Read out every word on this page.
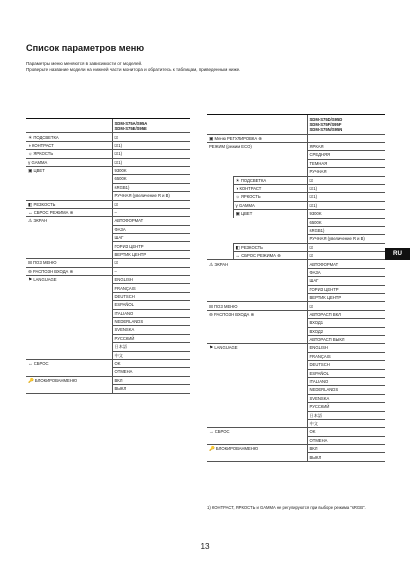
Список параметров меню
Параметры меню меняются в зависимости от моделей.
Проверьте название модели на нижней части монитора и обратитесь к таблицам, приведенным ниже.

	SDM-S75A/S95A
SDM-S75E/S95E

☀ПОДСВЕТКА	☑
◑КОНТРАСТ	☑1)
☼ЯРКОСТЬ	☑1)
γGAMMA	☑1)
▣ЦВЕТ	9300K
	6500K
	sRGB1)
	РУЧНАЯ (увеличение R и B)
◧РЕЗКОСТЬ	☑
↔СБРОС РЕЖИМА ⊛	–
⚠ЭКРАН	АВТОФОРМАТ
	ФАЗА
	ШАГ
	ГОРИЗ ЦЕНТР
	ВЕРТИК ЦЕНТР
⊟ПОЗ МЕНЮ	☑
⊖РАСПОЗН ВХОДА ⊛	–
⚑LANGUAGE	ENGLISH
	FRANÇAIS
	DEUTSCH
	ESPAÑOL
	ITALIANO
	NEDERLANDS
	SVENSKA
	РУССКИЙ
	日本語
	中文
↔СБРОС	OK
	ОТМЕНА
🔑БЛОКИРОВАНМЕНЮ	ВКЛ
	ВЫКЛ

		SDM-S75D/S95D
SDM-S75F/S95F
SDM-S75N/S95N

▣Меню РЕГУЛИРОВКА ⊛		
РЕЖИМ (режим ECO)		ЯРКАЯ
		СРЕДНЯЯ
		ТЕМНАЯ
		РУЧНАЯ
	☀ПОДСВЕТКА	☑
	◑КОНТРАСТ	☑1)
	☼ЯРКОСТЬ	☑1)
	γGAMMA	☑1)
	▣ЦВЕТ	9300K
		6500K
		sRGB1)
		РУЧНАЯ (увеличение R и B)
	◧РЕЗКОСТЬ	☑
	↔СБРОС РЕЖИМА ⊛	☑
⚠ЭКРАН		АВТОФОРМАТ
		ФАЗА
		ШАГ
		ГОРИЗ ЦЕНТР
		ВЕРТИК ЦЕНТР
⊟ПОЗ МЕНЮ		☑
⊖РАСПОЗН ВХОДА ⊛		АВТОРАСП ВКЛ
		ВХОД1
		ВХОД2
		АВТОРАСП ВЫКЛ
⚑LANGUAGE		ENGLISH
		FRANÇAIS
		DEUTSCH
		ESPAÑOL
		ITALIANO
		NEDERLANDS
		SVENSKA
		РУССКИЙ
		日本語
		中文
→СБРОС		OK
		ОТМЕНА
🔑БЛОКИРОВАНМЕНЮ		ВКЛ
		ВЫКЛ
RU
1) КОНТРАСТ, ЯРКОСТЬ и GAMMA не регулируются при выборе режима "sRGB".
13
